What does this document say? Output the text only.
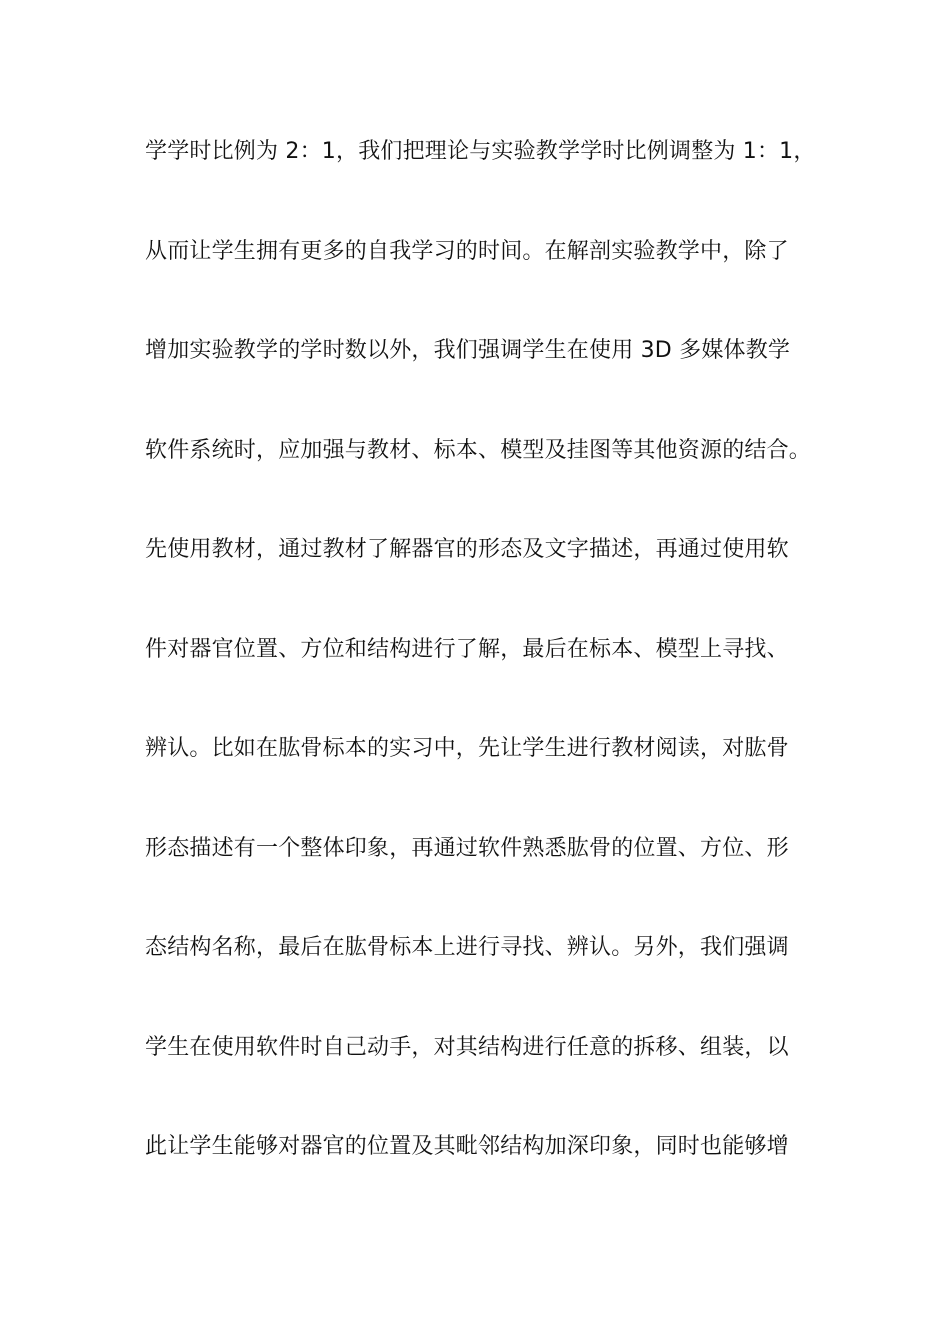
学学时比例为 2：1，我们把理论与实验教学学时比例调整为 1：1，
从而让学生拥有更多的自我学习的时间。在解剖实验教学中，除了
增加实验教学的学时数以外，我们强调学生在使用 3D 多媒体教学
软件系统时，应加强与教材、标本、模型及挂图等其他资源的结合。
先使用教材，通过教材了解器官的形态及文字描述，再通过使用软
件对器官位置、方位和结构进行了解，最后在标本、模型上寻找、
辨认。比如在肱骨标本的实习中，先让学生进行教材阅读，对肱骨
形态描述有一个整体印象，再通过软件熟悉肱骨的位置、方位、形
态结构名称，最后在肱骨标本上进行寻找、辨认。另外，我们强调
学生在使用软件时自己动手，对其结构进行任意的拆移、组装，以
此让学生能够对器官的位置及其毗邻结构加深印象，同时也能够增
